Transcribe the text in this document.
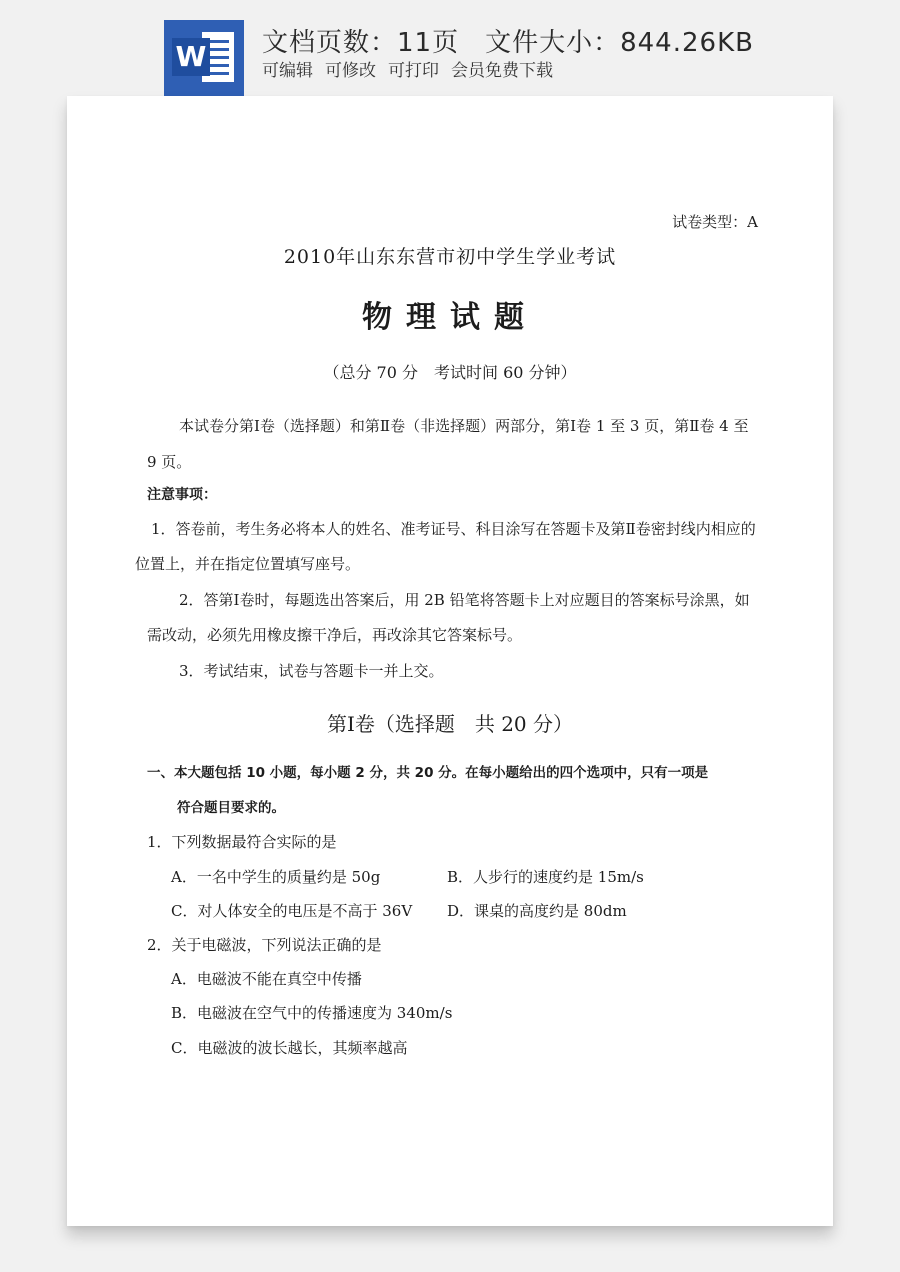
W 文档页数：11页 文件大小：844.26KB
可编辑 可修改 可打印 会员免费下载
试卷类型：A
2010年山东东营市初中学生学业考试
物理试题
（总分 70 分　考试时间 60 分钟）
本试卷分第Ⅰ卷（选择题）和第Ⅱ卷（非选择题）两部分，第Ⅰ卷 1 至 3 页，第Ⅱ卷 4 至
9 页。
注意事项：
1．答卷前，考生务必将本人的姓名、准考证号、科目涂写在答题卡及第Ⅱ卷密封线内相应的
位置上，并在指定位置填写座号。
2．答第Ⅰ卷时，每题选出答案后，用 2B 铅笔将答题卡上对应题目的答案标号涂黑，如
需改动，必须先用橡皮擦干净后，再改涂其它答案标号。
3．考试结束，试卷与答题卡一并上交。
第Ⅰ卷（选择题　共 20 分）
一、本大题包括 10 小题，每小题 2 分，共 20 分。在每小题给出的四个选项中，只有一项是
符合题目要求的。
1．下列数据最符合实际的是
A．一名中学生的质量约是 50g	B．人步行的速度约是 15m/s
C．对人体安全的电压是不高于 36V D．课桌的高度约是 80dm
2．关于电磁波，下列说法正确的是
A．电磁波不能在真空中传播
B．电磁波在空气中的传播速度为 340m/s
C．电磁波的波长越长，其频率越高
